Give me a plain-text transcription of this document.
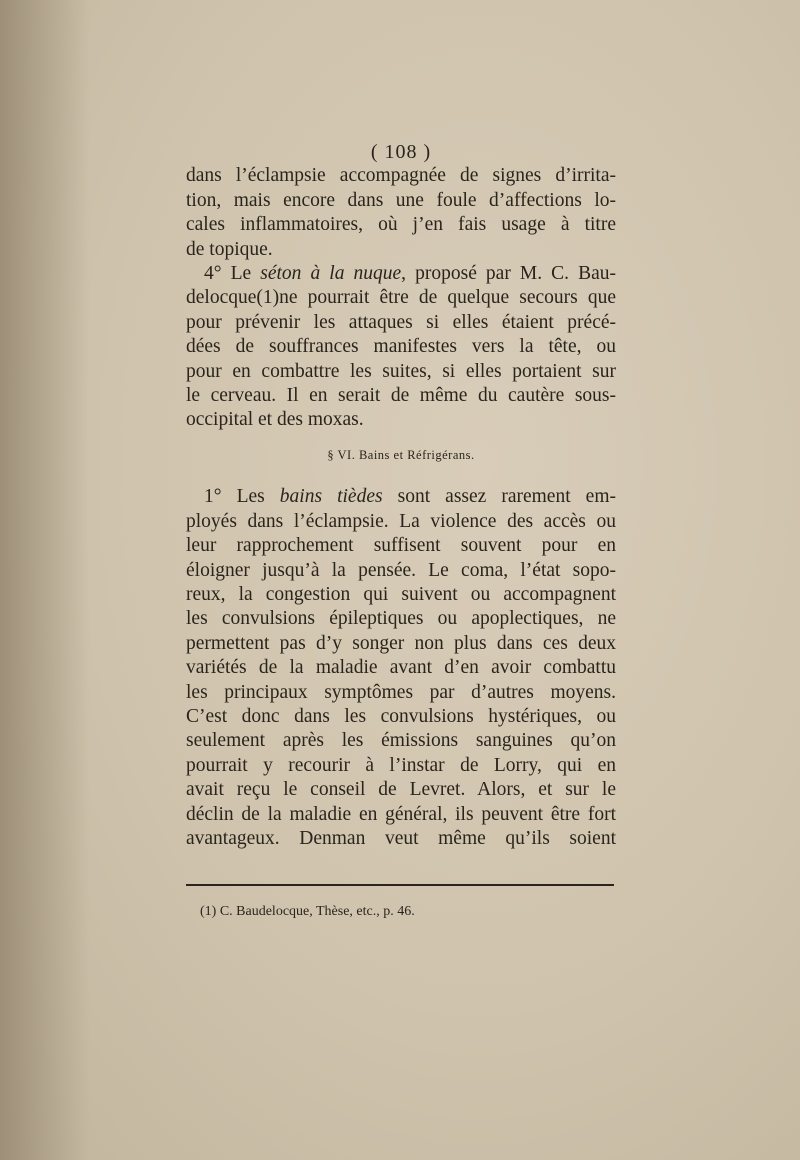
( 108 )

dans l’éclampsie accompagnée de signes d’irrita-
tion, mais encore dans une foule d’affections lo-
cales inflammatoires, où j’en fais usage à titre
de topique.

4° Le séton à la nuque, proposé par M. C. Bau-
delocque(1)ne pourrait être de quelque secours que
pour prévenir les attaques si elles étaient précé-
dées de souffrances manifestes vers la tête, ou
pour en combattre les suites, si elles portaient sur
le cerveau. Il en serait de même du cautère sous-
occipital et des moxas.

§ VI. Bains et Réfrigérans.

1° Les bains tièdes sont assez rarement em-
ployés dans l’éclampsie. La violence des accès ou
leur rapprochement suffisent souvent pour en
éloigner jusqu’à la pensée. Le coma, l’état sopo-
reux, la congestion qui suivent ou accompagnent
les convulsions épileptiques ou apoplectiques, ne
permettent pas d’y songer non plus dans ces deux
variétés de la maladie avant d’en avoir combattu
les principaux symptômes par d’autres moyens.
C’est donc dans les convulsions hystériques, ou
seulement après les émissions sanguines qu’on
pourrait y recourir à l’instar de Lorry, qui en
avait reçu le conseil de Levret. Alors, et sur le
déclin de la maladie en général, ils peuvent être fort
avantageux. Denman veut même qu’ils soient

(1) C. Baudelocque, Thèse, etc., p. 46.
